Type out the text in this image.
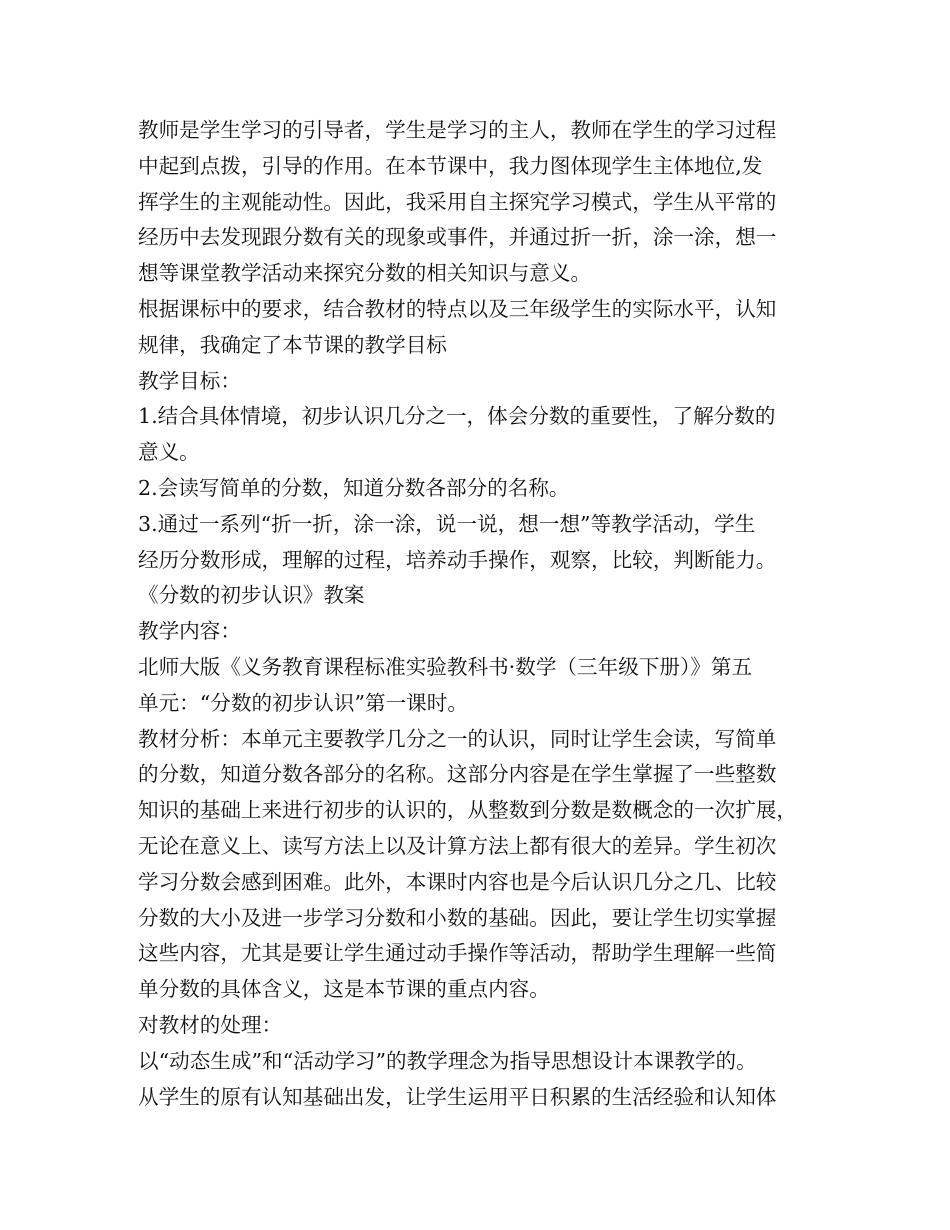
教师是学生学习的引导者，学生是学习的主人，教师在学生的学习过程
中起到点拨，引导的作用。在本节课中，我力图体现学生主体地位,发
挥学生的主观能动性。因此，我采用自主探究学习模式，学生从平常的
经历中去发现跟分数有关的现象或事件，并通过折一折，涂一涂，想一
想等课堂教学活动来探究分数的相关知识与意义。
根据课标中的要求，结合教材的特点以及三年级学生的实际水平，认知
规律，我确定了本节课的教学目标
教学目标：
1.结合具体情境，初步认识几分之一，体会分数的重要性，了解分数的
意义。
2.会读写简单的分数，知道分数各部分的名称。
3.通过一系列“折一折，涂一涂，说一说，想一想”等教学活动，学生
经历分数形成，理解的过程，培养动手操作，观察，比较，判断能力。
《分数的初步认识》教案
教学内容：
北师大版《义务教育课程标准实验教科书·数学（三年级下册）》第五
单元：“分数的初步认识”第一课时。
教材分析：本单元主要教学几分之一的认识，同时让学生会读，写简单
的分数，知道分数各部分的名称。这部分内容是在学生掌握了一些整数
知识的基础上来进行初步的认识的，从整数到分数是数概念的一次扩展，
无论在意义上、读写方法上以及计算方法上都有很大的差异。学生初次
学习分数会感到困难。此外，本课时内容也是今后认识几分之几、比较
分数的大小及进一步学习分数和小数的基础。因此，要让学生切实掌握
这些内容，尤其是要让学生通过动手操作等活动，帮助学生理解一些简
单分数的具体含义，这是本节课的重点内容。
对教材的处理：
以“动态生成”和“活动学习”的教学理念为指导思想设计本课教学的。
从学生的原有认知基础出发，让学生运用平日积累的生活经验和认知体
